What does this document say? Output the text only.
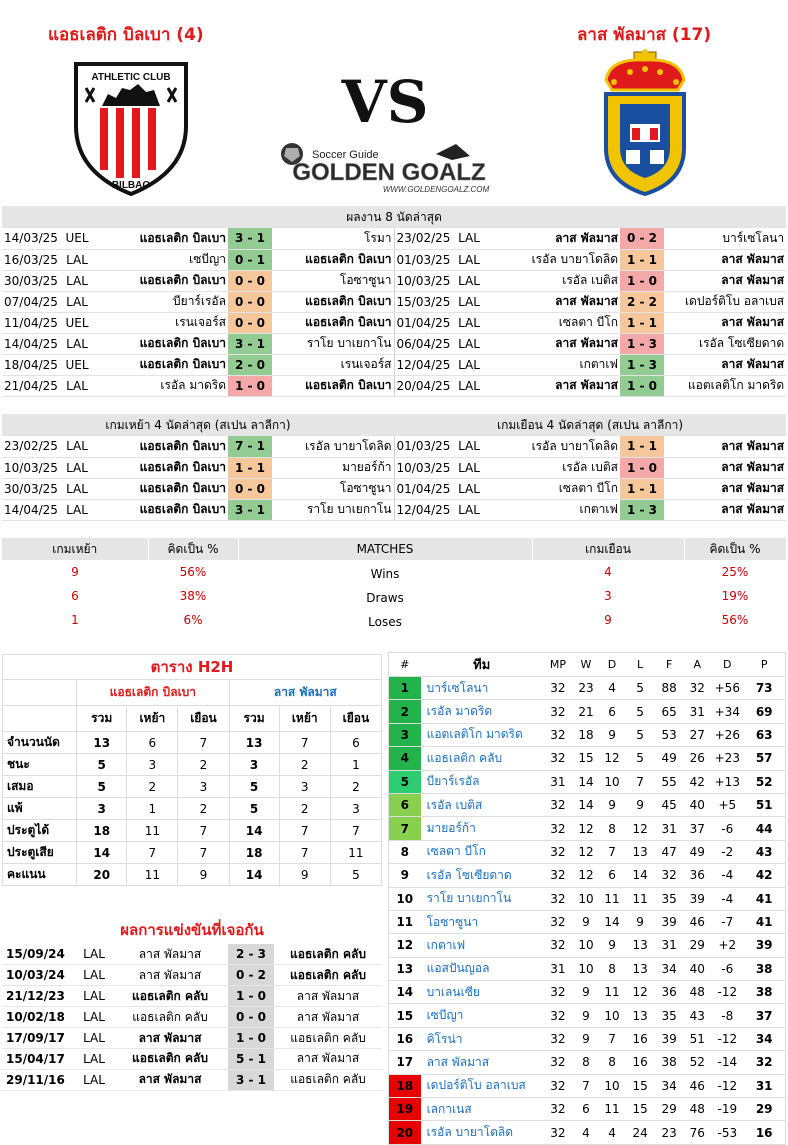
แอธเลติก บิลเบา (4)	ลาส พัลมาส (17)
ATHLETIC CLUB
BILBAO
VS
Soccer Guide
GOLDEN GOALZ
WWW.GOLDENGOALZ.COM
LAS PALMAS
ผลงาน 8 นัดล่าสุด									
14/03/25	UEL	แอธเลติก บิลเบา	3 - 1	โรมา	23/02/25	LAL	ลาส พัลมาส	0 - 2	บาร์เซโลนา
16/03/25	LAL	เซบีญา	0 - 1	แอธเลติก บิลเบา	01/03/25	LAL	เรอัล บายาโดลิด	1 - 1	ลาส พัลมาส
30/03/25	LAL	แอธเลติก บิลเบา	0 - 0	โอซาซูนา	10/03/25	LAL	เรอัล เบติส	1 - 0	ลาส พัลมาส
07/04/25	LAL	บียาร์เรอัล	0 - 0	แอธเลติก บิลเบา	15/03/25	LAL	ลาส พัลมาส	2 - 2	เดปอร์ติโบ อลาเบส
11/04/25	UEL	เรนเจอร์ส	0 - 0	แอธเลติก บิลเบา	01/04/25	LAL	เซลตา บีโก	1 - 1	ลาส พัลมาส
14/04/25	LAL	แอธเลติก บิลเบา	3 - 1	ราโย บาเยกาโน	06/04/25	LAL	ลาส พัลมาส	1 - 3	เรอัล โซเซียดาด
18/04/25	UEL	แอธเลติก บิลเบา	2 - 0	เรนเจอร์ส	12/04/25	LAL	เกตาเฟ	1 - 3	ลาส พัลมาส
21/04/25	LAL	เรอัล มาดริด	1 - 0	แอธเลติก บิลเบา	20/04/25	LAL	ลาส พัลมาส	1 - 0	แอตเลติโก มาดริด
เกมเหย้า 4 นัดล่าสุด (สเปน ลาลีกา)					เกมเยือน 4 นัดล่าสุด (สเปน ลาลีกา)				
23/02/25	LAL	แอธเลติก บิลเบา	7 - 1	เรอัล บายาโดลิด	01/03/25	LAL	เรอัล บายาโดลิด	1 - 1	ลาส พัลมาส
10/03/25	LAL	แอธเลติก บิลเบา	1 - 1	มายอร์ก้า	10/03/25	LAL	เรอัล เบติส	1 - 0	ลาส พัลมาส
30/03/25	LAL	แอธเลติก บิลเบา	0 - 0	โอซาซูนา	01/04/25	LAL	เซลตา บีโก	1 - 1	ลาส พัลมาส
14/04/25	LAL	แอธเลติก บิลเบา	3 - 1	ราโย บาเยกาโน	12/04/25	LAL	เกตาเฟ	1 - 3	ลาส พัลมาส
เกมเหย้า	คิดเป็น %	MATCHES	เกมเยือน	คิดเป็น %
9	56%	Wins	4	25%
6	38%	Draws	3	19%
1	6%	Loses	9	56%
ตาราง H2H						
	แอธเลติก บิลเบา			ลาส พัลมาส		
	รวม	เหย้า	เยือน	รวม	เหย้า	เยือน
จำนวนนัด	13	6	7	13	7	6
ชนะ	5	3	2	3	2	1
เสมอ	5	2	3	5	3	2
แพ้	3	1	2	5	2	3
ประตูได้	18	11	7	14	7	7
ประตูเสีย	14	7	7	18	7	11
คะแนน	20	11	9	14	9	5
ผลการแข่งขันที่เจอกัน
15/09/24	LAL	ลาส พัลมาส	2 - 3	แอธเลติก คลับ
10/03/24	LAL	ลาส พัลมาส	0 - 2	แอธเลติก คลับ
21/12/23	LAL	แอธเลติก คลับ	1 - 0	ลาส พัลมาส
10/02/18	LAL	แอธเลติก คลับ	0 - 0	ลาส พัลมาส
17/09/17	LAL	ลาส พัลมาส	1 - 0	แอธเลติก คลับ
15/04/17	LAL	แอธเลติก คลับ	5 - 1	ลาส พัลมาส
29/11/16	LAL	ลาส พัลมาส	3 - 1	แอธเลติก คลับ
#	ทีม	MP	W	D	L	F	A	D	P
1	บาร์เซโลนา	32	23	4	5	88	32	+56	73
2	เรอัล มาดริด	32	21	6	5	65	31	+34	69
3	แอตเลติโก มาดริด	32	18	9	5	53	27	+26	63
4	แอธเลติก คลับ	32	15	12	5	49	26	+23	57
5	บียาร์เรอัล	31	14	10	7	55	42	+13	52
6	เรอัล เบติส	32	14	9	9	45	40	+5	51
7	มายอร์ก้า	32	12	8	12	31	37	-6	44
8	เซลตา บีโก	32	12	7	13	47	49	-2	43
9	เรอัล โซเซียดาด	32	12	6	14	32	36	-4	42
10	ราโย บาเยกาโน	32	10	11	11	35	39	-4	41
11	โอซาซูนา	32	9	14	9	39	46	-7	41
12	เกตาเฟ	32	10	9	13	31	29	+2	39
13	แอสปันญอล	31	10	8	13	34	40	-6	38
14	บาเลนเซีย	32	9	11	12	36	48	-12	38
15	เซบีญา	32	9	10	13	35	43	-8	37
16	คิโรน่า	32	9	7	16	39	51	-12	34
17	ลาส พัลมาส	32	8	8	16	38	52	-14	32
18	เดปอร์ติโบ อลาเบส	32	7	10	15	34	46	-12	31
19	เลกาเนส	32	6	11	15	29	48	-19	29
20	เรอัล บายาโดลิด	32	4	4	24	23	76	-53	16
